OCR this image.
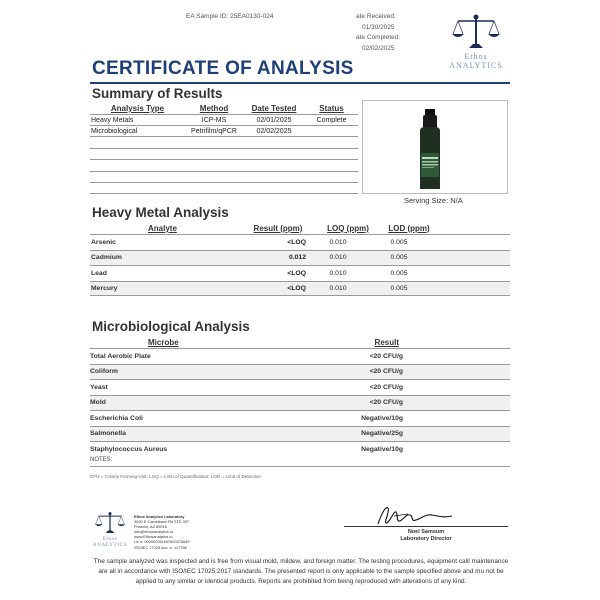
EA Sample ID: 25EA0130-024	ate Received:
01/30/2025
ate Completed:
02/02/2025
Ethos
ANALYTICS
CERTIFICATE OF ANALYSIS
Summary of Results
Analysis Type	Method	Date Tested	Status
Heavy Metals	ICP-MS	02/01/2025	Complete
Microbiological	Petrifilm/qPCR	02/02/2025
Serving Size: N/A
Heavy Metal Analysis
Analyte	Result (ppm)	LOQ (ppm)	LOD (ppm)
Arsenic	<LOQ	0.010	0.005
Cadmium	0.012	0.010	0.005
Lead	<LOQ	0.010	0.005
Mercury	<LOQ	0.010	0.005
Microbiological Analysis
Microbe	Result
Total Aerobic Plate	<20 CFU/g
Coliform	<20 CFU/g
Yeast	<20 CFU/g
Mold	<20 CFU/g
Escherichia Coli	Negative/10g
Salmonella	Negative/25g
Staphylococcus Aureus	Negative/10g
NOTES:
CFU = Colony Forming Unit; LOQ = Limit of Quantification; LOD = Limit of Detection
Ethos
ANALYTICS
Ethos Analytics Laboratory
3020 E Camelback Rd STE 397
Phoenix, AZ 85016
info@ethosanalytics.io
www.Ethosanalytics.io
Lic #: 00000026LNCN00376649
ISO/IEC 17025 Acc. #: 117798
Noel Samsum
Laboratory Director
The sample analyzed was inspected and is free from visual mold, mildew, and foreign matter. The testing procedures, equipment calil maintenance are all in accordance with ISO/IEC 17025:2017 standards. The presented report is only applicable to the sample specified above and mu not be applied to any similar or identical products. Reports are prohibited from being reproduced with alterations of any kind.
